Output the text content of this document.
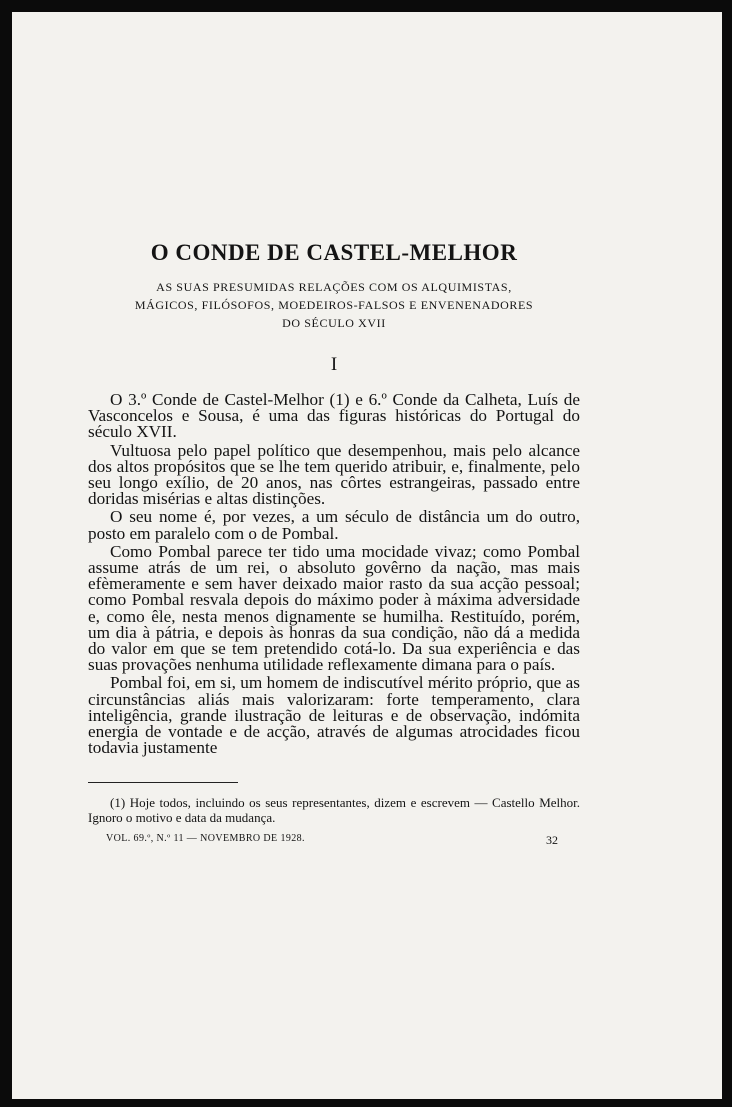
O CONDE DE CASTEL-MELHOR

AS SUAS PRESUMIDAS RELAÇÕES COM OS ALQUIMISTAS,

MÁGICOS, FILÓSOFOS, MOEDEIROS-FALSOS E ENVENENADORES

DO SÉCULO XVII

I

O 3.º Conde de Castel-Melhor (1) e 6.º Conde da Calheta, Luís de Vasconcelos e Sousa, é uma das figuras históricas do Portugal do século XVII.

Vultuosa pelo papel político que desempenhou, mais pelo alcance dos altos propósitos que se lhe tem querido atribuir, e, finalmente, pelo seu longo exílio, de 20 anos, nas côrtes estrangeiras, passado entre doridas misérias e altas distinções.

O seu nome é, por vezes, a um século de distância um do outro, posto em paralelo com o de Pombal.

Como Pombal parece ter tido uma mocidade vivaz; como Pombal assume atrás de um rei, o absoluto govêrno da nação, mas mais efèmeramente e sem haver deixado maior rasto da sua acção pessoal; como Pombal resvala depois do máximo poder à máxima adversidade e, como êle, nesta menos dignamente se humilha. Restituído, porém, um dia à pátria, e depois às honras da sua condição, não dá a medida do valor em que se tem pretendido cotá-lo. Da sua experiência e das suas provações nenhuma utilidade reflexamente dimana para o país.

Pombal foi, em si, um homem de indiscutível mérito próprio, que as circunstâncias aliás mais valorizaram: forte temperamento, clara inteligência, grande ilustração de leituras e de observação, indómita energia de vontade e de acção, através de algumas atrocidades ficou todavia justamente

(1) Hoje todos, incluindo os seus representantes, dizem e escrevem — Castello Melhor. Ignoro o motivo e data da mudança.

VOL. 69.º, N.º 11 — NOVEMBRO DE 1928.	32
